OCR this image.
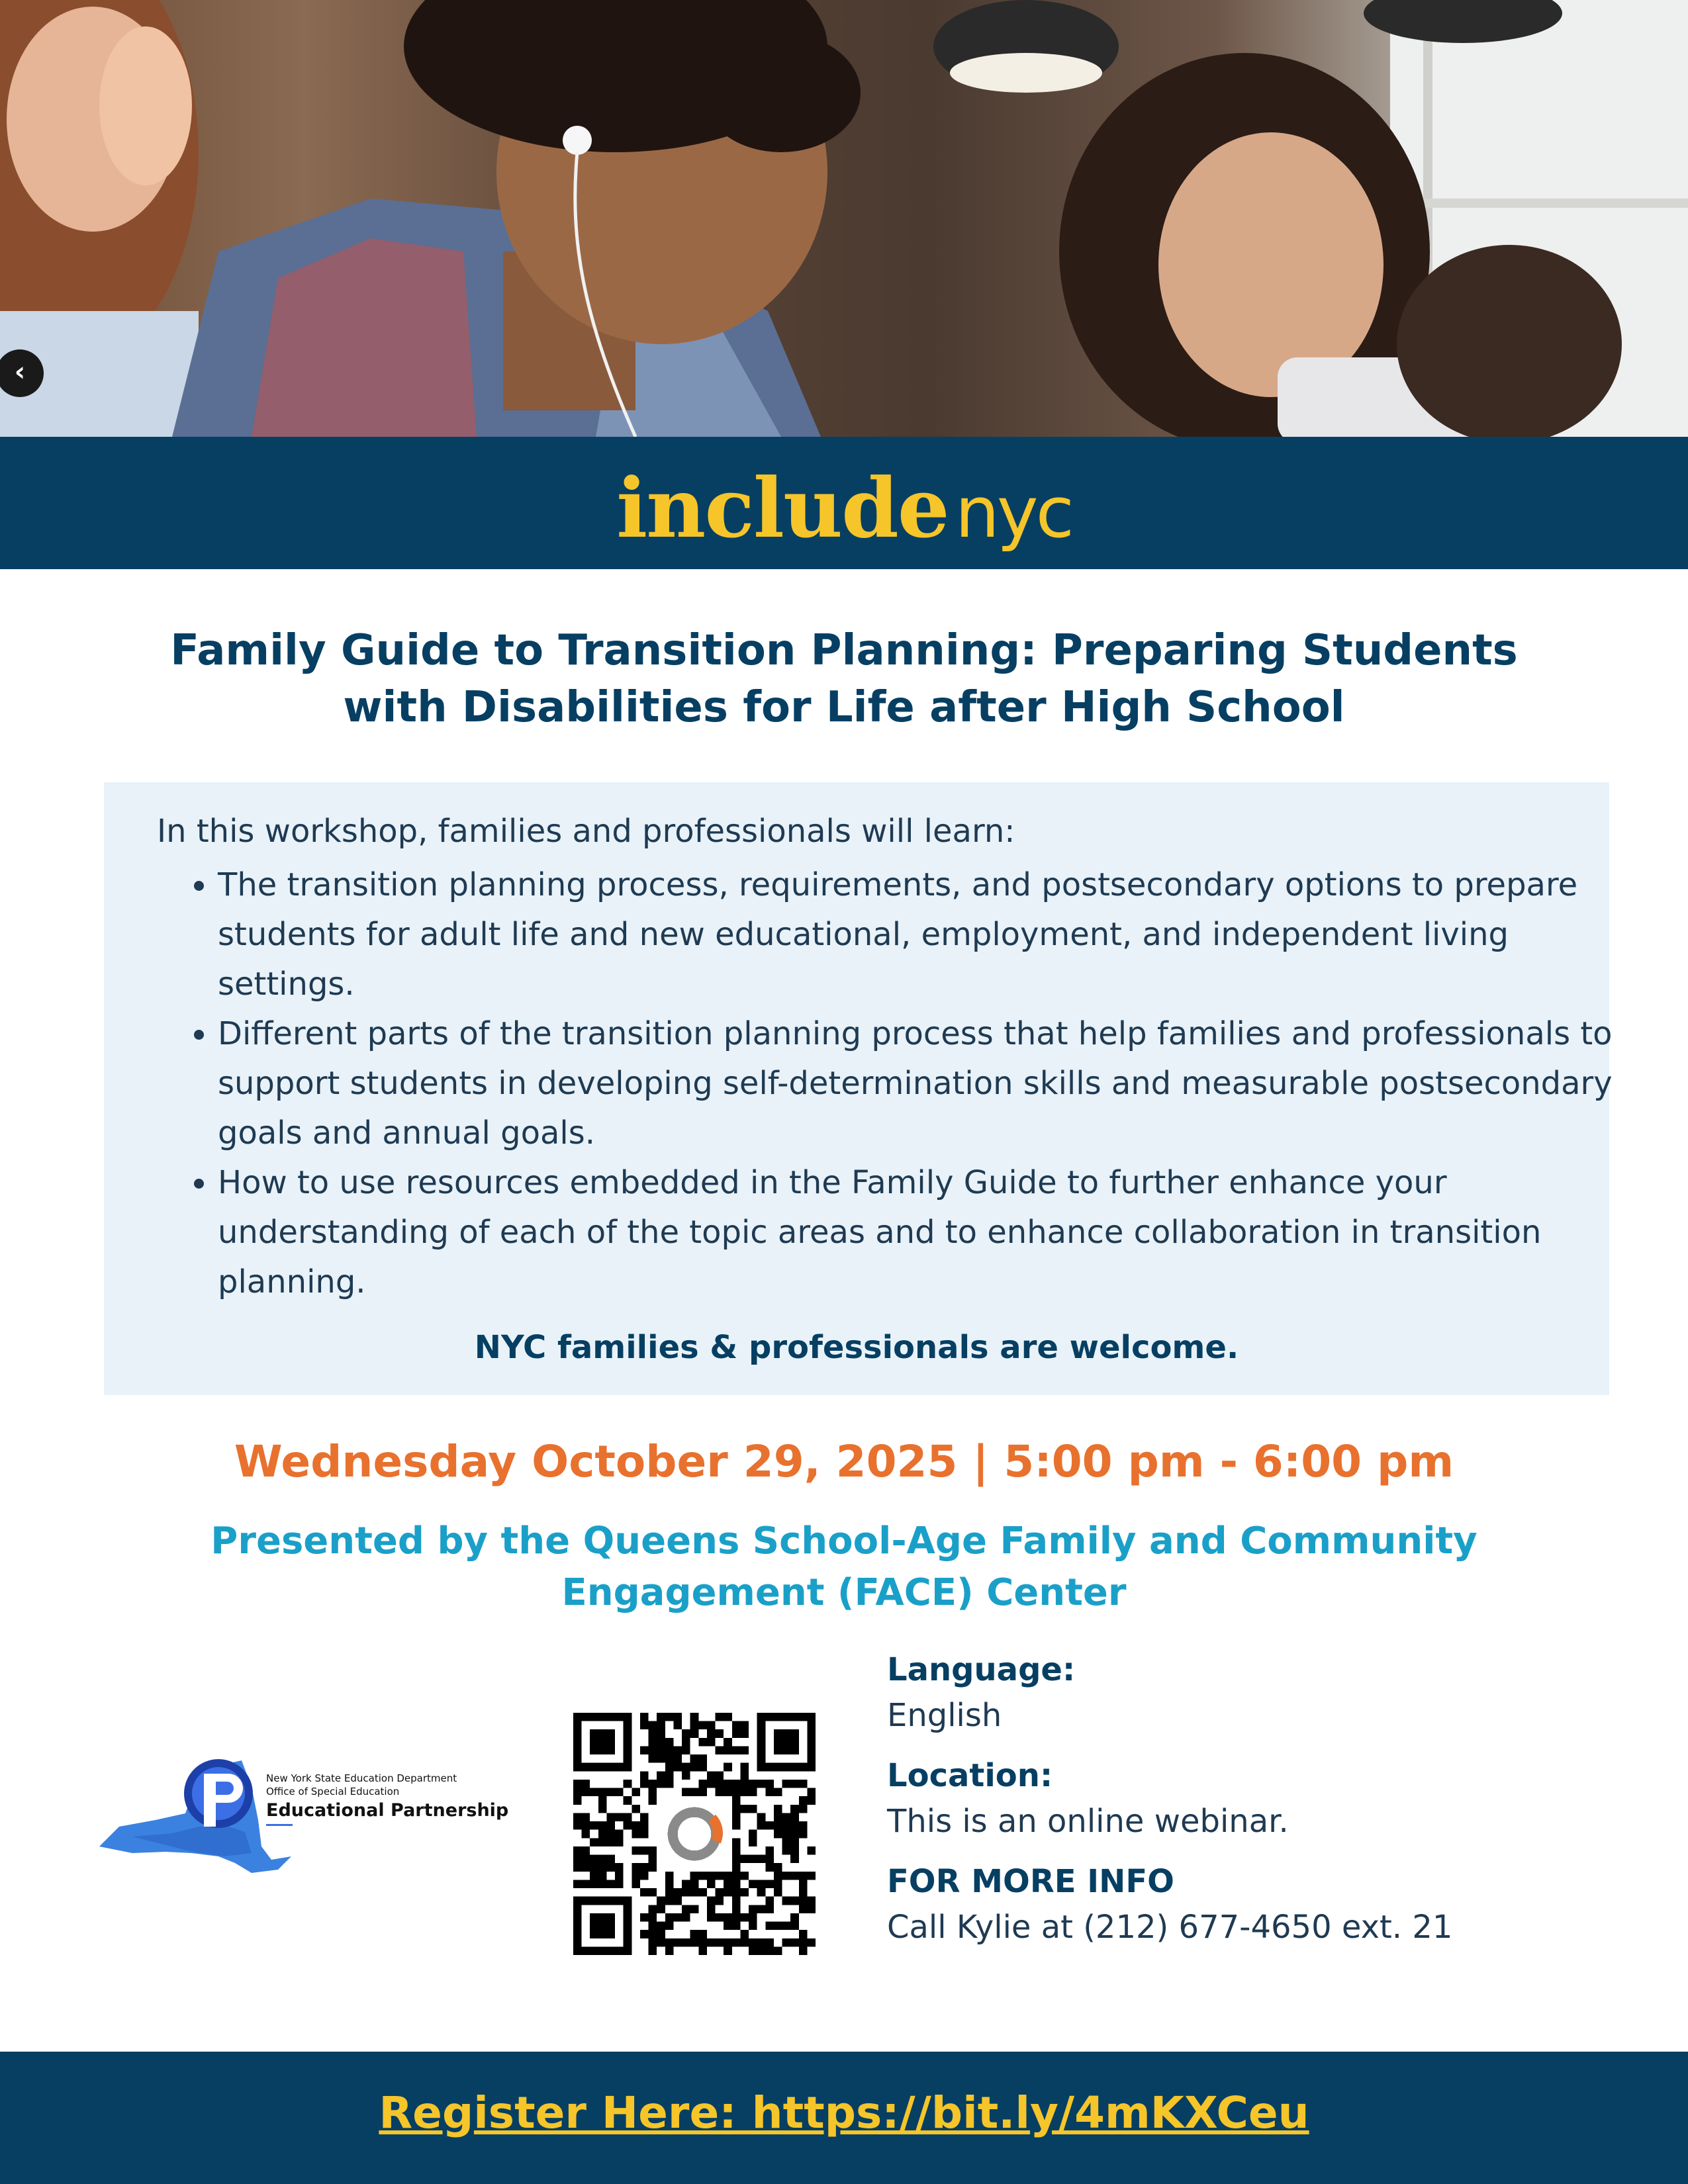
‹
includenyc
Family Guide to Transition Planning: Preparing Students
with Disabilities for Life after High School
In this workshop, families and professionals will learn:
• The transition planning process, requirements, and postsecondary options to prepare students for adult life and new educational, employment, and independent living settings.
• Different parts of the transition planning process that help families and professionals to support students in developing self-determination skills and measurable postsecondary goals and annual goals.
• How to use resources embedded in the Family Guide to further enhance your understanding of each of the topic areas and to enhance collaboration in transition planning.
NYC families & professionals are welcome.
Wednesday October 29, 2025 | 5:00 pm - 6:00 pm
Presented by the Queens School-Age Family and Community
Engagement (FACE) Center
New York State Education Department
Office of Special Education
Educational Partnership
Language:
English
Location:
This is an online webinar.
FOR MORE INFO
Call Kylie at (212) 677-4650 ext. 21
Register Here: https://bit.ly/4mKXCeu
